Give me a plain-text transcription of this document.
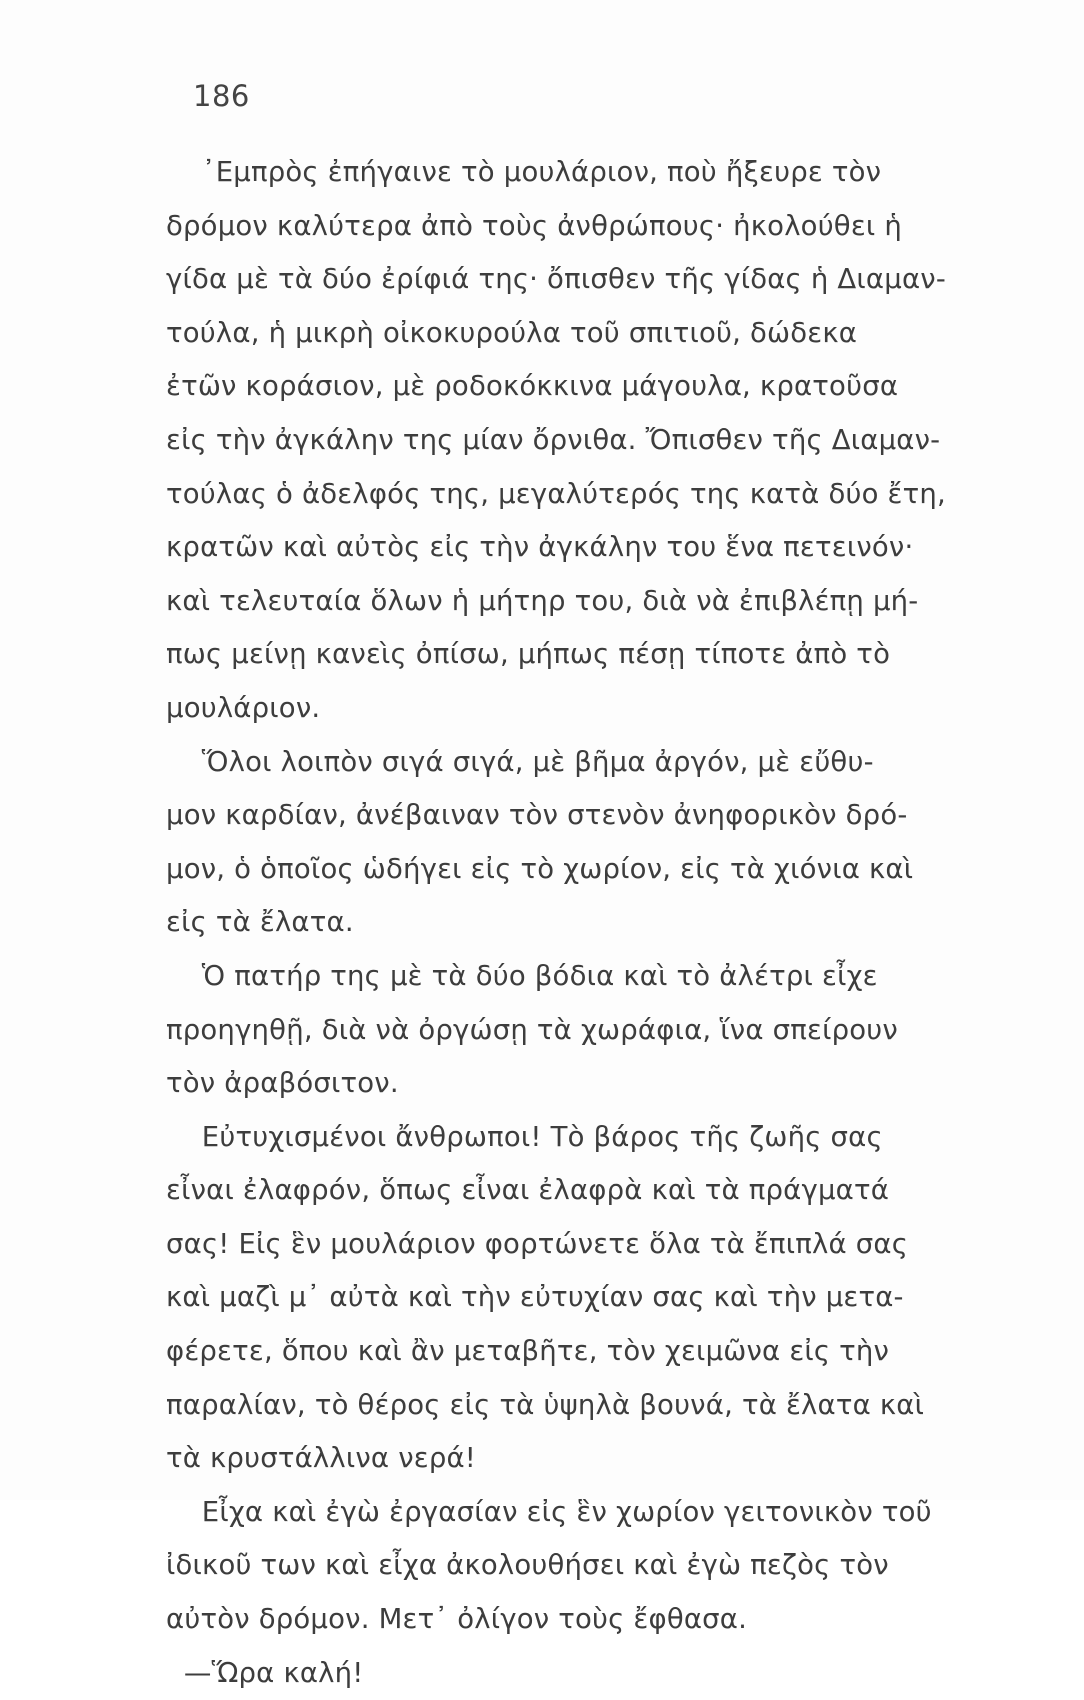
186
᾿Εμπρὸς ἐπήγαινε τὸ μουλάριον, ποὺ ἤξευρε τὸν
δρόμον καλύτερα ἀπὸ τοὺς ἀνθρώπους· ἠκολούθει ἡ
γίδα μὲ τὰ δύο ἐρίφιά της· ὄπισθεν τῆς γίδας ἡ Διαμαν-
τούλα, ἡ μικρὴ οἰκοκυρούλα τοῦ σπιτιοῦ, δώδεκα
ἐτῶν κοράσιον, μὲ ροδοκόκκινα μάγουλα, κρατοῦσα
εἰς τὴν ἀγκάλην της μίαν ὄρνιθα. Ὄπισθεν τῆς Διαμαν-
τούλας ὁ ἀδελφός της, μεγαλύτερός της κατὰ δύο ἔτη,
κρατῶν καὶ αὐτὸς εἰς τὴν ἀγκάλην του ἕνα πετεινόν·
καὶ τελευταία ὅλων ἡ μήτηρ του, διὰ νὰ ἐπιβλέπῃ μή-
πως μείνῃ κανεὶς ὀπίσω, μήπως πέσῃ τίποτε ἀπὸ τὸ
μουλάριον.
Ὅλοι λοιπὸν σιγά σιγά, μὲ βῆμα ἀργόν, μὲ εὔθυ-
μον καρδίαν, ἀνέβαιναν τὸν στενὸν ἀνηφορικὸν δρό-
μον, ὁ ὁποῖος ὡδήγει εἰς τὸ χωρίον, εἰς τὰ χιόνια καὶ
εἰς τὰ ἔλατα.
Ὁ πατήρ της μὲ τὰ δύο βόδια καὶ τὸ ἀλέτρι εἶχε
προηγηθῇ, διὰ νὰ ὀργώσῃ τὰ χωράφια, ἵνα σπείρουν
τὸν ἀραβόσιτον.
Εὐτυχισμένοι ἄνθρωποι! Τὸ βάρος τῆς ζωῆς σας
εἶναι ἐλαφρόν, ὅπως εἶναι ἐλαφρὰ καὶ τὰ πράγματά
σας! Εἰς ἓν μουλάριον φορτώνετε ὅλα τὰ ἔπιπλά σας
καὶ μαζὶ μ᾿ αὐτὰ καὶ τὴν εὐτυχίαν σας καὶ τὴν μετα-
φέρετε, ὅπου καὶ ἂν μεταβῆτε, τὸν χειμῶνα εἰς τὴν
παραλίαν, τὸ θέρος εἰς τὰ ὑψηλὰ βουνά, τὰ ἔλατα καὶ
τὰ κρυστάλλινα νερά!
Εἶχα καὶ ἐγὼ ἐργασίαν εἰς ἓν χωρίον γειτονικὸν τοῦ
ἰδικοῦ των καὶ εἶχα ἀκολουθήσει καὶ ἐγὼ πεζὸς τὸν
αὐτὸν δρόμον. Μετ᾿ ὀλίγον τοὺς ἔφθασα.
—Ὥρα καλή!
